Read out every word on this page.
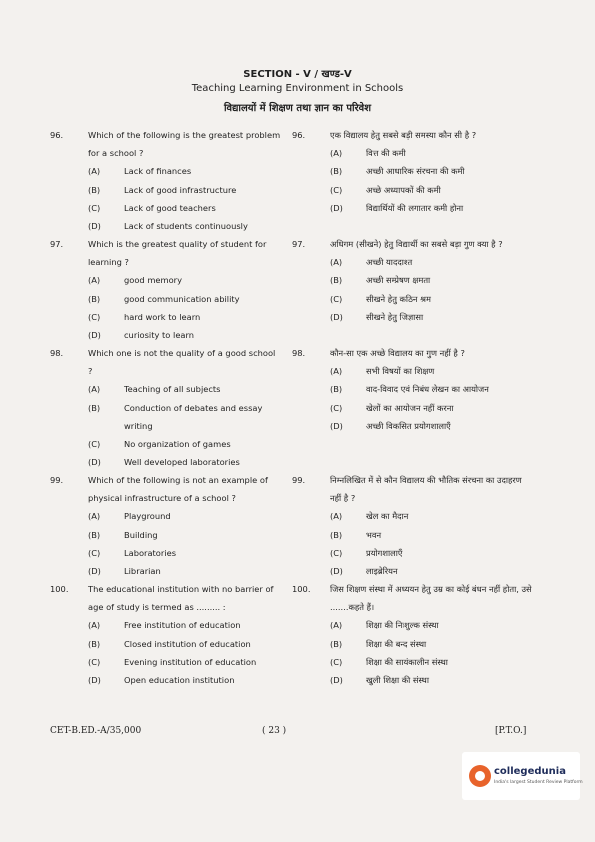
SECTION - V / खण्ड-V
Teaching Learning Environment in Schools
विद्यालयों में शिक्षण तथा ज्ञान का परिवेश
96.	Which of the following is the greatest problem for a school ?
(A)	Lack of finances
(B)	Lack of good infrastructure
(C)	Lack of good teachers
(D)	Lack of students continuously
97.	Which is the greatest quality of student for learning ?
(A)	good memory
(B)	good communication ability
(C)	hard work to learn
(D)	curiosity to learn
98.	Which one is not the quality of a good school ?
(A)	Teaching of all subjects
(B)	Conduction of debates and essay writing
(C)	No organization of games
(D)	Well developed laboratories
99.	Which of the following is not an example of physical infrastructure of a school ?
(A)	Playground
(B)	Building
(C)	Laboratories
(D)	Librarian
100.	The educational institution with no barrier of age of study is termed as ......... :
(A)	Free institution of education
(B)	Closed institution of education
(C)	Evening institution of education
(D)	Open education institution
96.	एक विद्यालय हेतु सबसे बड़ी समस्या कौन सी है ?
(A)	वित्त की कमी
(B)	अच्छी आधारिक संरचना की कमी
(C)	अच्छे अध्यापकों की कमी
(D)	विद्यार्थियों की लगातार कमी होना
97.	अधिगम (सीखने) हेतु विद्यार्थी का सबसे बड़ा गुण क्या है ?
(A)	अच्छी याददाश्त
(B)	अच्छी सम्प्रेषण क्षमता
(C)	सीखने हेतु कठिन श्रम
(D)	सीखने हेतु जिज्ञासा
98.	कौन-सा एक अच्छे विद्यालय का गुण नहीं है ?
(A)	सभी विषयों का शिक्षण
(B)	वाद-विवाद एवं निबंध लेखन का आयोजन
(C)	खेलों का आयोजन नहीं करना
(D)	अच्छी विकसित प्रयोगशालाएँ
99.	निम्नलिखित में से कौन विद्यालय की भौतिक संरचना का उदाहरण नहीं है ?
(A)	खेल का मैदान
(B)	भवन
(C)	प्रयोगशालाएँ
(D)	लाइब्रेरियन
100.	जिस शिक्षण संस्था में अध्ययन हेतु उम्र का कोई बंधन नहीं होता, उसे .......कहते हैं।
(A)	शिक्षा की निःशुल्क संस्था
(B)	शिक्षा की बन्द संस्था
(C)	शिक्षा की सायंकालीन संस्था
(D)	खुली शिक्षा की संस्था
CET-B.ED.-A/35,000	( 23 )	[P.T.O.]
collegedunia
India's largest Student Review Platform
